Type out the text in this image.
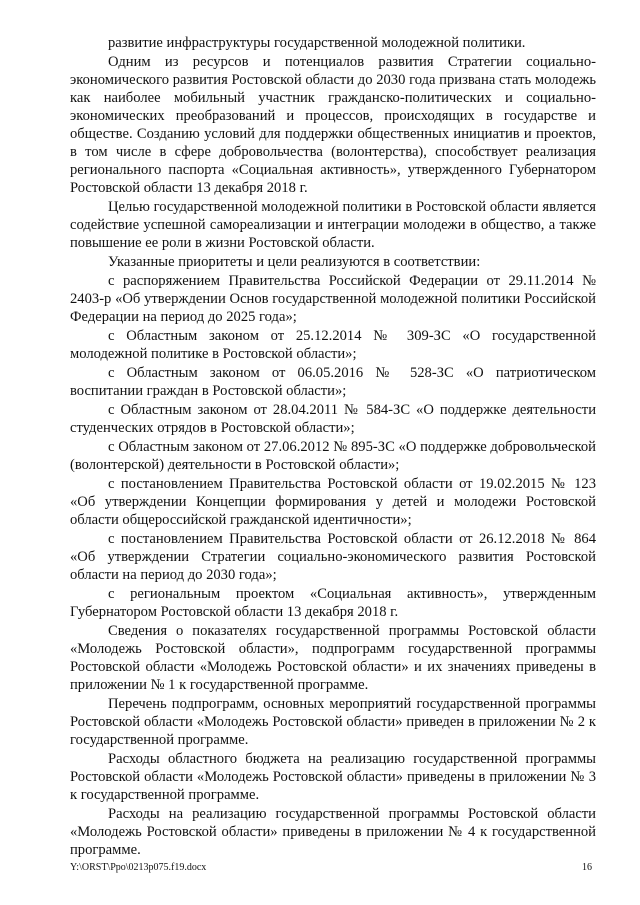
развитие инфраструктуры государственной молодежной политики.

Одним из ресурсов и потенциалов развития Стратегии социально-экономического развития Ростовской области до 2030 года призвана стать молодежь как наиболее мобильный участник гражданско-политических и социально-экономических преобразований и процессов, происходящих в государстве и обществе. Созданию условий для поддержки общественных инициатив и проектов, в том числе в сфере добровольчества (волонтерства), способствует реализация регионального паспорта «Социальная активность», утвержденного Губернатором Ростовской области 13 декабря 2018 г.

Целью государственной молодежной политики в Ростовской области является содействие успешной самореализации и интеграции молодежи в общество, а также повышение ее роли в жизни Ростовской области.

Указанные приоритеты и цели реализуются в соответствии:

с распоряжением Правительства Российской Федерации от 29.11.2014 № 2403-р «Об утверждении Основ государственной молодежной политики Российской Федерации на период до 2025 года»;

с Областным законом от 25.12.2014 № 309-ЗС «О государственной молодежной политике в Ростовской области»;

с Областным законом от 06.05.2016 № 528-ЗС «О патриотическом воспитании граждан в Ростовской области»;

с Областным законом от 28.04.2011 № 584-ЗС «О поддержке деятельности студенческих отрядов в Ростовской области»;

с Областным законом от 27.06.2012 № 895-ЗС «О поддержке добровольческой (волонтерской) деятельности в Ростовской области»;

с постановлением Правительства Ростовской области от 19.02.2015 № 123 «Об утверждении Концепции формирования у детей и молодежи Ростовской области общероссийской гражданской идентичности»;

с постановлением Правительства Ростовской области от 26.12.2018 № 864 «Об утверждении Стратегии социально-экономического развития Ростовской области на период до 2030 года»;

с региональным проектом «Социальная активность», утвержденным Губернатором Ростовской области 13 декабря 2018 г.

Сведения о показателях государственной программы Ростовской области «Молодежь Ростовской области», подпрограмм государственной программы Ростовской области «Молодежь Ростовской области» и их значениях приведены в приложении № 1 к государственной программе.

Перечень подпрограмм, основных мероприятий государственной программы Ростовской области «Молодежь Ростовской области» приведен в приложении № 2 к государственной программе.

Расходы областного бюджета на реализацию государственной программы Ростовской области «Молодежь Ростовской области» приведены в приложении № 3 к государственной программе.

Расходы на реализацию государственной программы Ростовской области «Молодежь Ростовской области» приведены в приложении № 4 к государственной программе.

Y:\ORST\Ppo\0213p075.f19.docx	16
